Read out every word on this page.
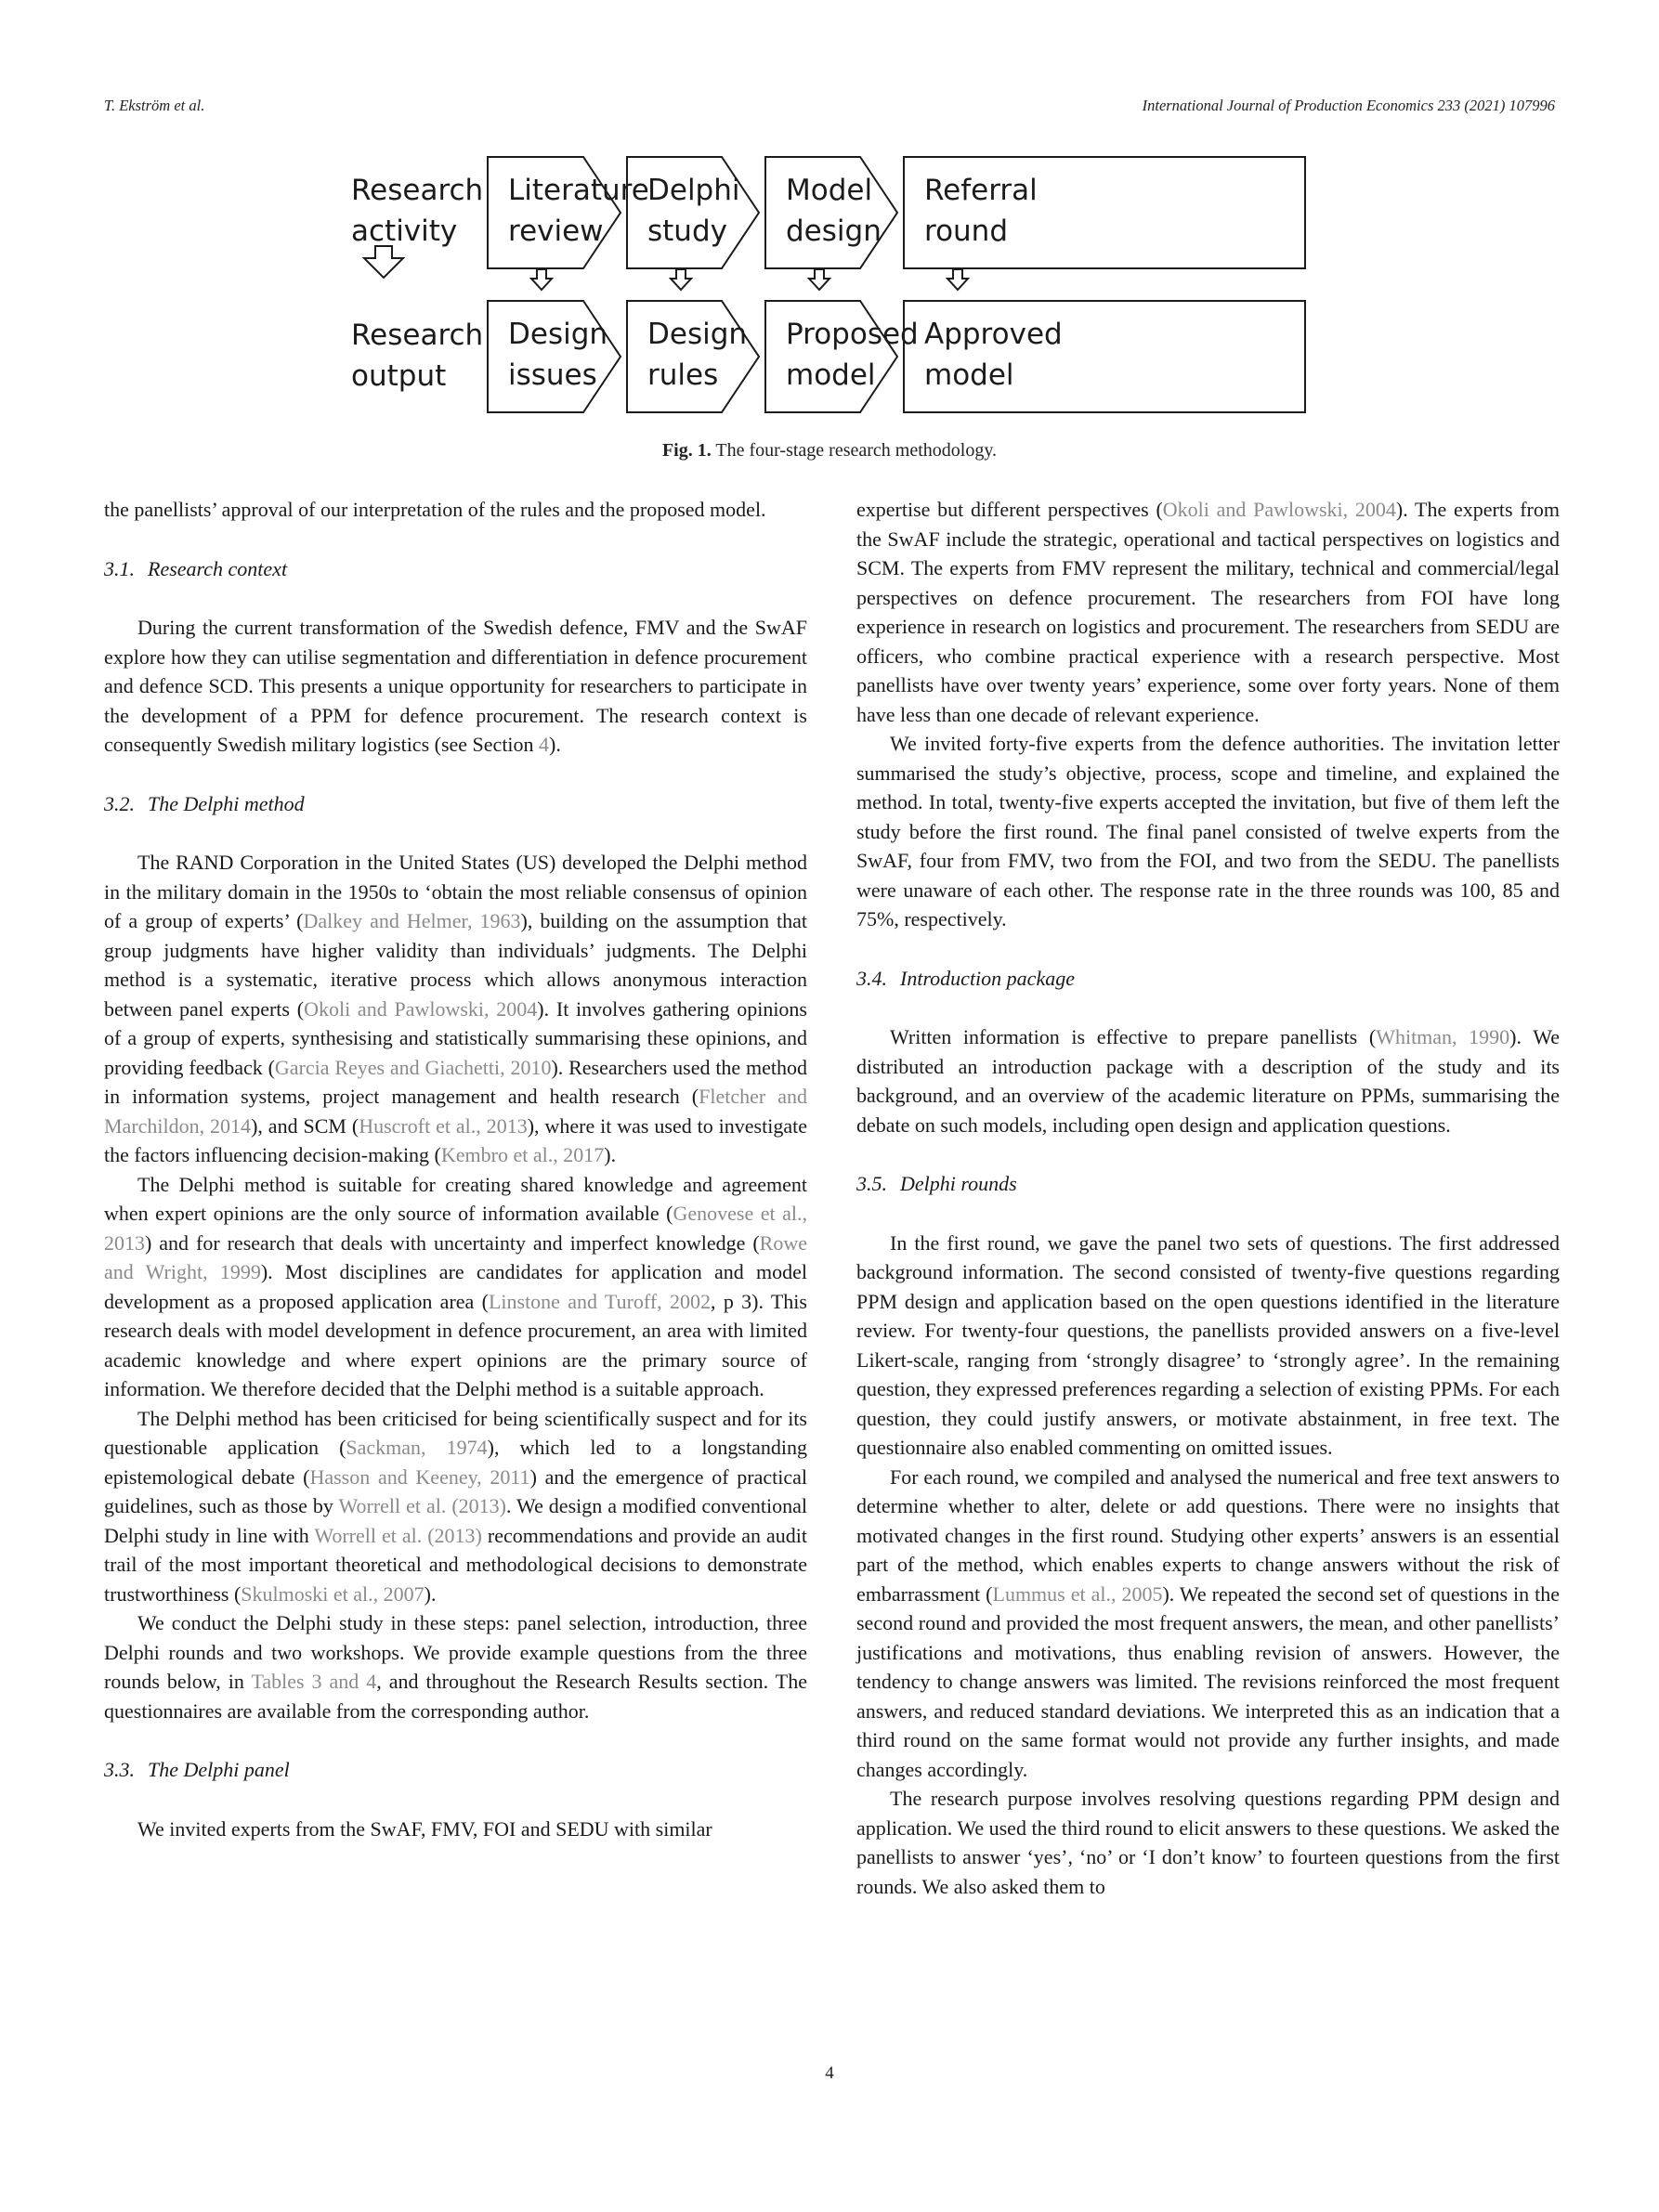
T. Ekström et al.	International Journal of Production Economics 233 (2021) 107996
Research activity
Research output
Literature review
Delphi study
Model design
Referral round
Design issues
Design rules
Proposed model
Approved model
Fig. 1. The four-stage research methodology.

the panellists’ approval of our interpretation of the rules and the proposed model.

3.1. Research context

During the current transformation of the Swedish defence, FMV and the SwAF explore how they can utilise segmentation and differentiation in defence procurement and defence SCD. This presents a unique opportunity for researchers to participate in the development of a PPM for defence procurement. The research context is consequently Swedish military logistics (see Section 4).

3.2. The Delphi method

The RAND Corporation in the United States (US) developed the Delphi method in the military domain in the 1950s to ‘obtain the most reliable consensus of opinion of a group of experts’ (Dalkey and Helmer, 1963), building on the assumption that group judgments have higher validity than individuals’ judgments. The Delphi method is a systematic, iterative process which allows anonymous interaction between panel experts (Okoli and Pawlowski, 2004). It involves gathering opinions of a group of experts, synthesising and statistically summarising these opinions, and providing feedback (Garcia Reyes and Giachetti, 2010). Researchers used the method in information systems, project management and health research (Fletcher and Marchildon, 2014), and SCM (Huscroft et al., 2013), where it was used to investigate the factors influencing decision-making (Kembro et al., 2017).

The Delphi method is suitable for creating shared knowledge and agreement when expert opinions are the only source of information available (Genovese et al., 2013) and for research that deals with uncertainty and imperfect knowledge (Rowe and Wright, 1999). Most disciplines are candidates for application and model development as a proposed application area (Linstone and Turoff, 2002, p 3). This research deals with model development in defence procurement, an area with limited academic knowledge and where expert opinions are the primary source of information. We therefore decided that the Delphi method is a suitable approach.

The Delphi method has been criticised for being scientifically suspect and for its questionable application (Sackman, 1974), which led to a longstanding epistemological debate (Hasson and Keeney, 2011) and the emergence of practical guidelines, such as those by Worrell et al. (2013). We design a modified conventional Delphi study in line with Worrell et al. (2013) recommendations and provide an audit trail of the most important theoretical and methodological decisions to demonstrate trustworthiness (Skulmoski et al., 2007).

We conduct the Delphi study in these steps: panel selection, introduction, three Delphi rounds and two workshops. We provide example questions from the three rounds below, in Tables 3 and 4, and throughout the Research Results section. The questionnaires are available from the corresponding author.

3.3. The Delphi panel

We invited experts from the SwAF, FMV, FOI and SEDU with similar

expertise but different perspectives (Okoli and Pawlowski, 2004). The experts from the SwAF include the strategic, operational and tactical perspectives on logistics and SCM. The experts from FMV represent the military, technical and commercial/legal perspectives on defence procurement. The researchers from FOI have long experience in research on logistics and procurement. The researchers from SEDU are officers, who combine practical experience with a research perspective. Most panellists have over twenty years’ experience, some over forty years. None of them have less than one decade of relevant experience.

We invited forty-five experts from the defence authorities. The invitation letter summarised the study’s objective, process, scope and timeline, and explained the method. In total, twenty-five experts accepted the invitation, but five of them left the study before the first round. The final panel consisted of twelve experts from the SwAF, four from FMV, two from the FOI, and two from the SEDU. The panellists were unaware of each other. The response rate in the three rounds was 100, 85 and 75%, respectively.

3.4. Introduction package

Written information is effective to prepare panellists (Whitman, 1990). We distributed an introduction package with a description of the study and its background, and an overview of the academic literature on PPMs, summarising the debate on such models, including open design and application questions.

3.5. Delphi rounds

In the first round, we gave the panel two sets of questions. The first addressed background information. The second consisted of twenty-five questions regarding PPM design and application based on the open questions identified in the literature review. For twenty-four questions, the panellists provided answers on a five-level Likert-scale, ranging from ‘strongly disagree’ to ‘strongly agree’. In the remaining question, they expressed preferences regarding a selection of existing PPMs. For each question, they could justify answers, or motivate abstainment, in free text. The questionnaire also enabled commenting on omitted issues.

For each round, we compiled and analysed the numerical and free text answers to determine whether to alter, delete or add questions. There were no insights that motivated changes in the first round. Studying other experts’ answers is an essential part of the method, which enables experts to change answers without the risk of embarrassment (Lummus et al., 2005). We repeated the second set of questions in the second round and provided the most frequent answers, the mean, and other panellists’ justifications and motivations, thus enabling revision of answers. However, the tendency to change answers was limited. The revisions reinforced the most frequent answers, and reduced standard deviations. We interpreted this as an indication that a third round on the same format would not provide any further insights, and made changes accordingly.

The research purpose involves resolving questions regarding PPM design and application. We used the third round to elicit answers to these questions. We asked the panellists to answer ‘yes’, ‘no’ or ‘I don’t know’ to fourteen questions from the first rounds. We also asked them to

4
